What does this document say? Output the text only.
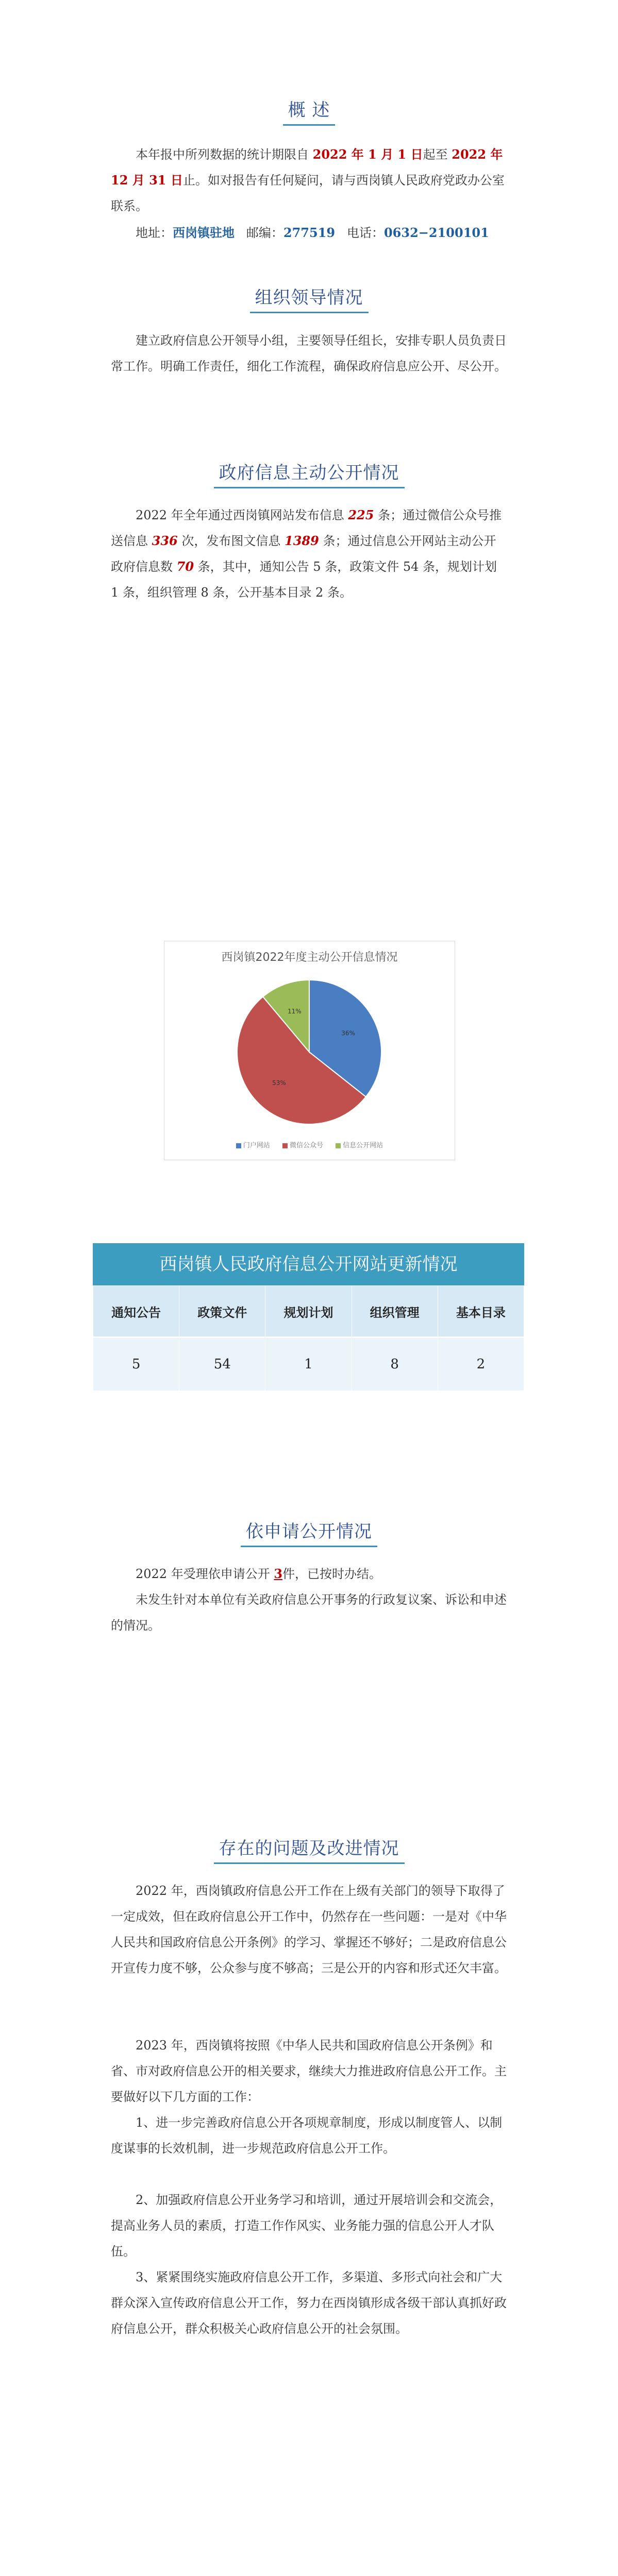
概 述

本年报中所列数据的统计期限自 2022 年 1 月 1 日起至 2022 年 12 月 31 日止。如对报告有任何疑问，请与西岗镇人民政府党政办公室联系。

地址：西岗镇驻地 邮编：277519 电话：0632−2100101

组织领导情况

建立政府信息公开领导小组，主要领导任组长，安排专职人员负责日常工作。明确工作责任，细化工作流程，确保政府信息应公开、尽公开。

政府信息主动公开情况

2022 年全年通过西岗镇网站发布信息 225 条；通过微信公众号推送信息 336 次，发布图文信息 1389 条；通过信息公开网站主动公开政府信息数 70 条，其中，通知公告 5 条，政策文件 54 条，规划计划 1 条，组织管理 8 条，公开基本目录 2 条。

西岗镇2022年度主动公开信息情况
36%
53%
11%
门户网站	微信公众号	信息公开网站
西岗镇人民政府信息公开网站更新情况
通知公告	政策文件	规划计划	组织管理	基本目录
5	54	1	8	2
依申请公开情况

2022 年受理依申请公开 3件，已按时办结。

未发生针对本单位有关政府信息公开事务的行政复议案、诉讼和申述的情况。

存在的问题及改进情况

2022 年，西岗镇政府信息公开工作在上级有关部门的领导下取得了一定成效，但在政府信息公开工作中，仍然存在一些问题：一是对《中华人民共和国政府信息公开条例》的学习、掌握还不够好；二是政府信息公开宣传力度不够，公众参与度不够高；三是公开的内容和形式还欠丰富。

2023 年，西岗镇将按照《中华人民共和国政府信息公开条例》和省、市对政府信息公开的相关要求，继续大力推进政府信息公开工作。主要做好以下几方面的工作：

1、进一步完善政府信息公开各项规章制度，形成以制度管人、以制度谋事的长效机制，进一步规范政府信息公开工作。

2、加强政府信息公开业务学习和培训，通过开展培训会和交流会，提高业务人员的素质，打造工作作风实、业务能力强的信息公开人才队伍。

3、紧紧围绕实施政府信息公开工作，多渠道、多形式向社会和广大群众深入宣传政府信息公开工作，努力在西岗镇形成各级干部认真抓好政府信息公开，群众积极关心政府信息公开的社会氛围。
